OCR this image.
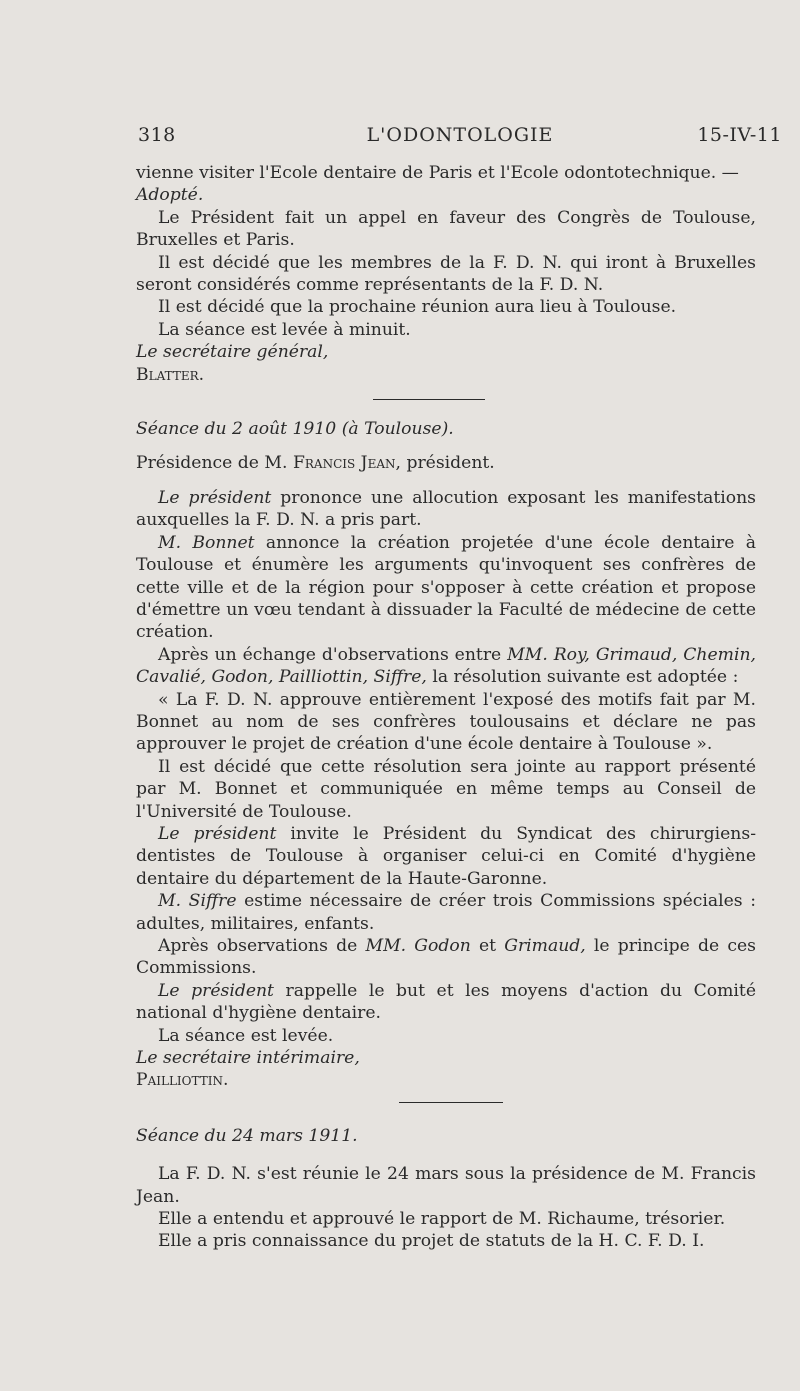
318	L'ODONTOLOGIE	15-IV-11

vienne visiter l'Ecole dentaire de Paris et l'Ecole odontotechnique. —
Adopté.

Le Président fait un appel en faveur des Congrès de Toulouse, Bruxelles et Paris.

Il est décidé que les membres de la F. D. N. qui iront à Bruxelles seront considérés comme représentants de la F. D. N.

Il est décidé que la prochaine réunion aura lieu à Toulouse.

La séance est levée à minuit.

Le secrétaire général,

Blatter.

Séance du 2 août 1910 (à Toulouse).

Présidence de M. Francis Jean, président.

Le président prononce une allocution exposant les manifestations auxquelles la F. D. N. a pris part.

M. Bonnet annonce la création projetée d'une école dentaire à Toulouse et énumère les arguments qu'invoquent ses confrères de cette ville et de la région pour s'opposer à cette création et propose d'émettre un vœu tendant à dissuader la Faculté de médecine de cette création.

Après un échange d'observations entre MM. Roy, Grimaud, Chemin, Cavalié, Godon, Pailliottin, Siffre, la résolution suivante est adoptée :

« La F. D. N. approuve entièrement l'exposé des motifs fait par M. Bonnet au nom de ses confrères toulousains et déclare ne pas approuver le projet de création d'une école dentaire à Toulouse ».

Il est décidé que cette résolution sera jointe au rapport présenté par M. Bonnet et communiquée en même temps au Conseil de l'Université de Toulouse.

Le président invite le Président du Syndicat des chirurgiens-dentistes de Toulouse à organiser celui-ci en Comité d'hygiène dentaire du département de la Haute-Garonne.

M. Siffre estime nécessaire de créer trois Commissions spéciales : adultes, militaires, enfants.

Après observations de MM. Godon et Grimaud, le principe de ces Commissions.

Le président rappelle le but et les moyens d'action du Comité national d'hygiène dentaire.

La séance est levée.

Le secrétaire intérimaire,

Pailliottin.

Séance du 24 mars 1911.

La F. D. N. s'est réunie le 24 mars sous la présidence de M. Francis Jean.

Elle a entendu et approuvé le rapport de M. Richaume, trésorier.

Elle a pris connaissance du projet de statuts de la H. C. F. D. I.
